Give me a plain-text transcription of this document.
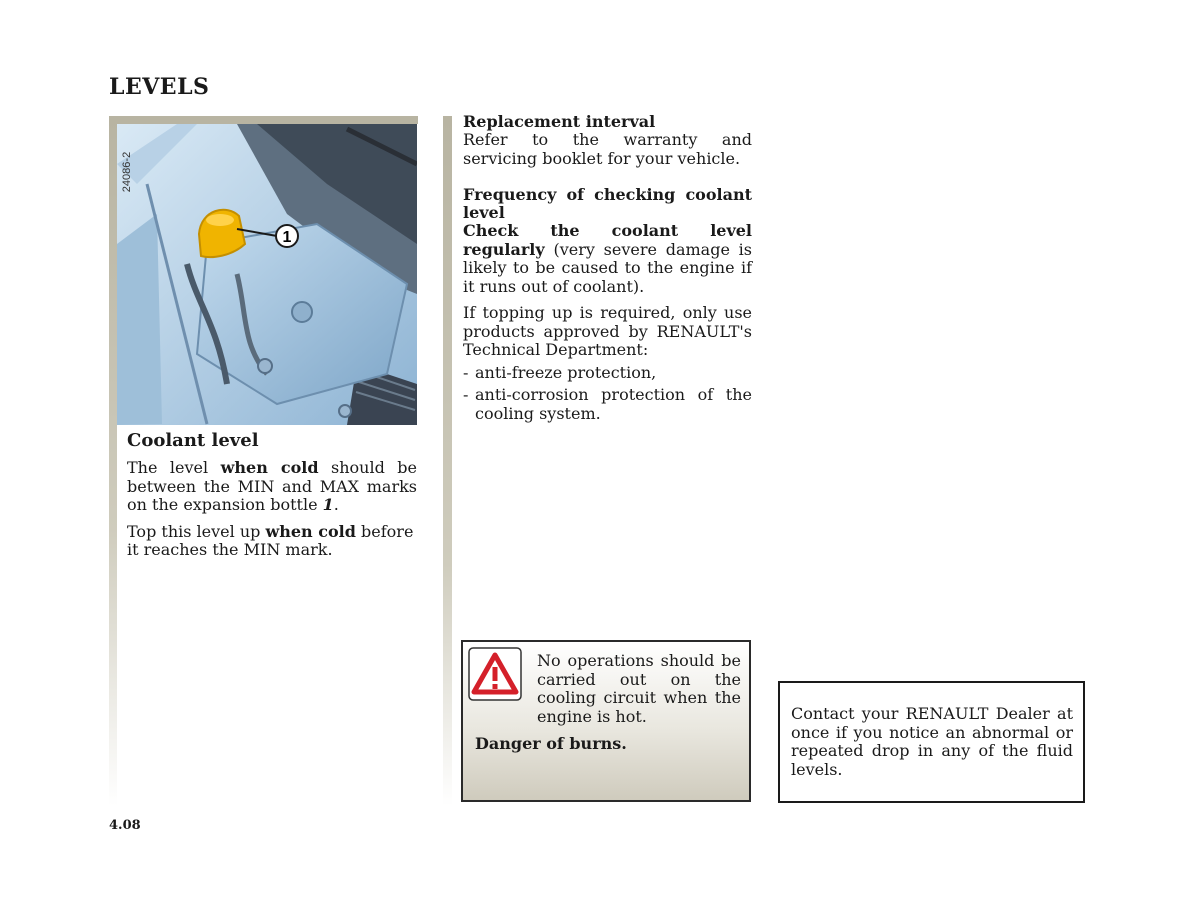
LEVELS
1
24086-2
Coolant level

The level when cold should be between the MIN and MAX marks on the expansion bottle 1.

Top this level up when cold before it reaches the MIN mark.

Replacement interval

Refer to the warranty and servicing booklet for your vehicle.

Frequency of checking coolant level

Check the coolant level regularly (very severe damage is likely to be caused to the engine if it runs out of coolant).

If topping up is required, only use products approved by RENAULT's Technical Department:

- anti-freeze protection,
- anti-corrosion protection of the cooling system.
No operations should be carried out on the cooling circuit when the engine is hot.
Danger of burns.
Contact your RENAULT Dealer at once if you notice an abnormal or repeated drop in any of the fluid levels.
4.08
